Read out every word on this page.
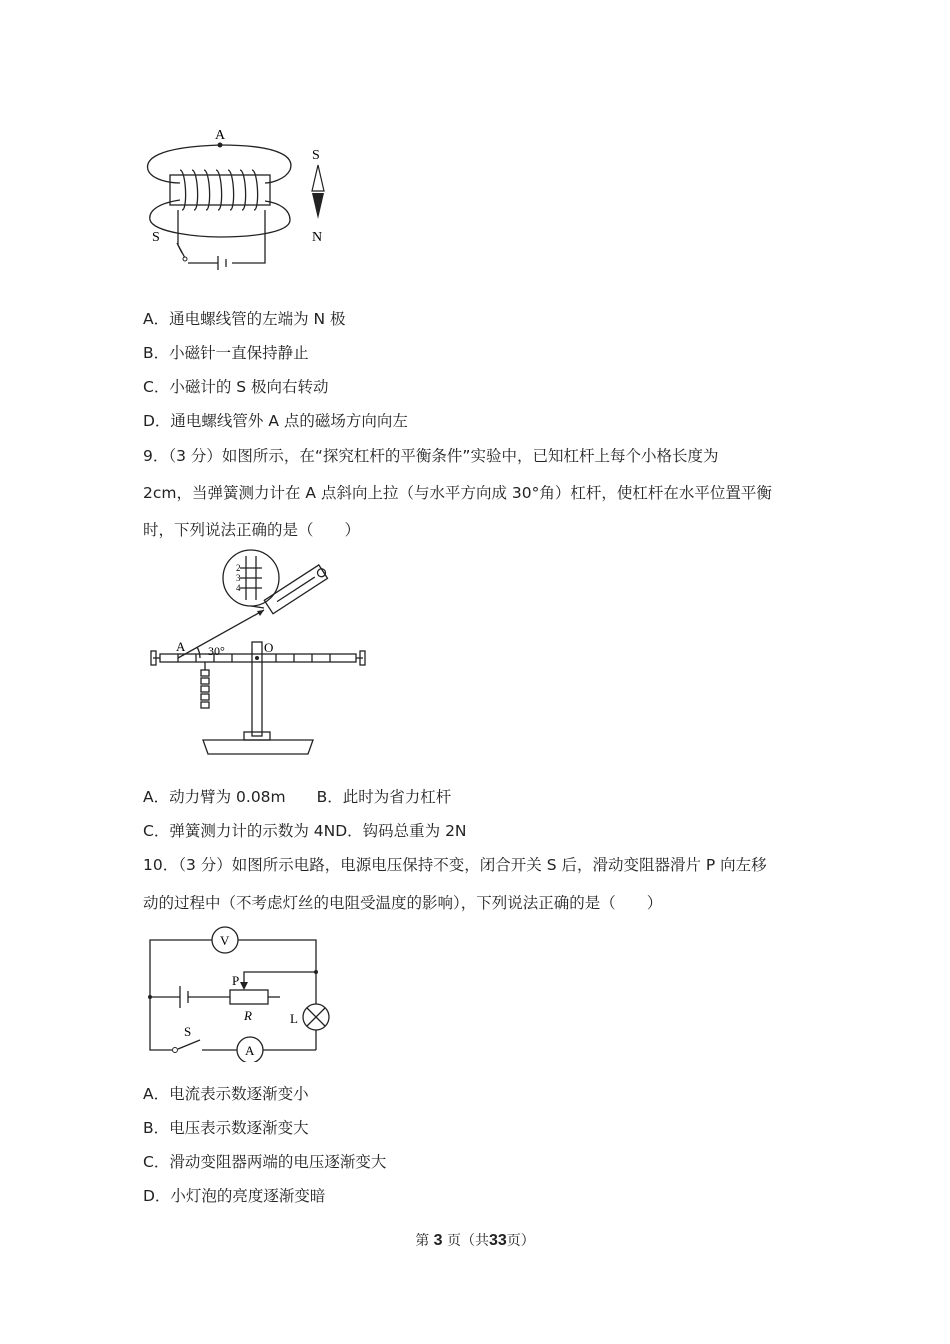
A
S
N
S
A．通电螺线管的左端为 N 极
B．小磁针一直保持静止
C．小磁计的 S 极向右转动
D．通电螺线管外 A 点的磁场方向向左
9．（3 分）如图所示，在“探究杠杆的平衡条件”实验中，已知杠杆上每个小格长度为
2cm，当弹簧测力计在 A 点斜向上拉（与水平方向成 30°角）杠杆，使杠杆在水平位置平衡
时，下列说法正确的是（　　）
2
3
4
A 30°	O
A．动力臂为 0.08m　　B．此时为省力杠杆
C．弹簧测力计的示数为 4ND．钩码总重为 2N
10．（3 分）如图所示电路，电源电压保持不变，闭合开关 S 后，滑动变阻器滑片 P 向左移
动的过程中（不考虑灯丝的电阻受温度的影响），下列说法正确的是（　　）
V
P
R	L
S
A
A．电流表示数逐渐变小
B．电压表示数逐渐变大
C．滑动变阻器两端的电压逐渐变大
D．小灯泡的亮度逐渐变暗
第 3 页（共33页）
